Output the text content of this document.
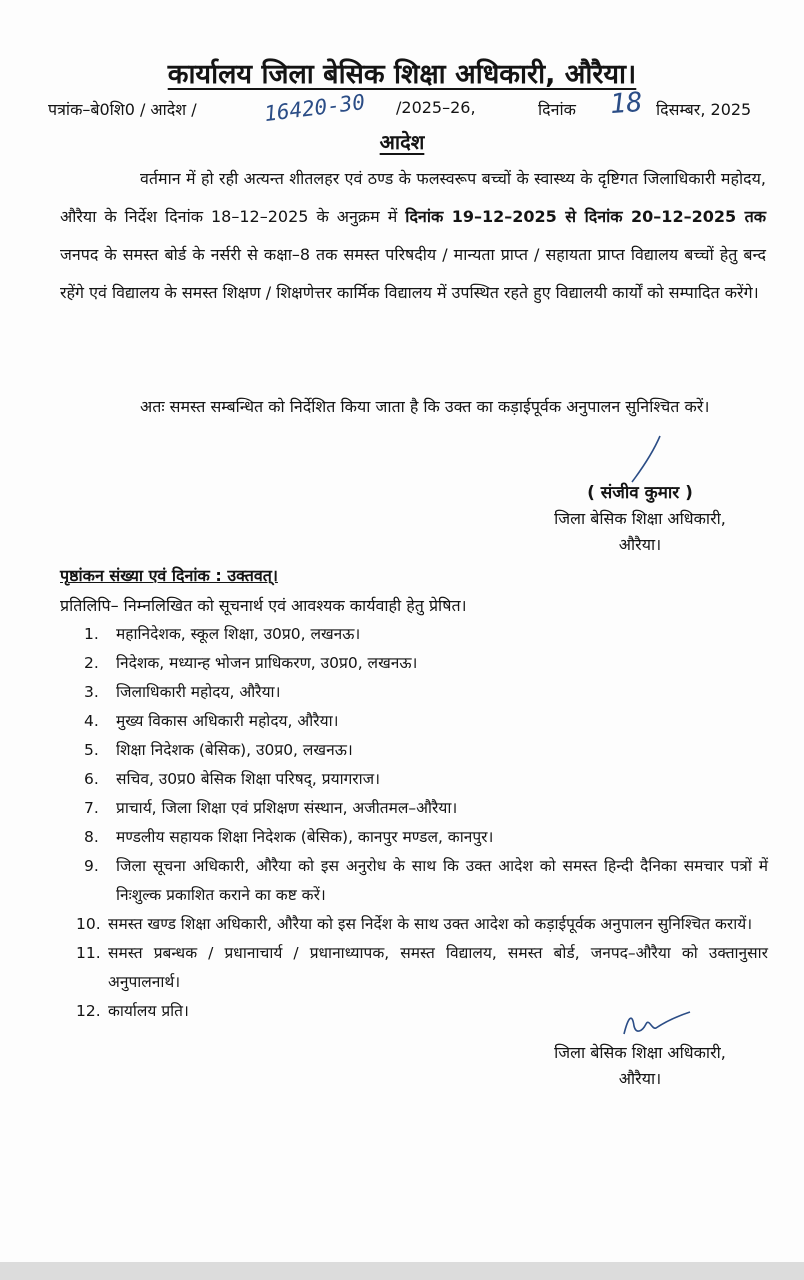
कार्यालय जिला बेसिक शिक्षा अधिकारी, औरैया।
पत्रांक–बे0शि0 / आदेश /	16420-30 /2025–26,	दिनांक 18 दिसम्बर, 2025
आदेश

वर्तमान में हो रही अत्यन्त शीतलहर एवं ठण्ड के फलस्वरूप बच्चों के स्वास्थ्य के दृष्टिगत जिलाधिकारी महोदय, औरैया के निर्देश दिनांक 18–12–2025 के अनुक्रम में दिनांक 19–12–2025 से दिनांक 20–12–2025 तक जनपद के समस्त बोर्ड के नर्सरी से कक्षा–8 तक समस्त परिषदीय / मान्यता प्राप्त / सहायता प्राप्त विद्यालय बच्चों हेतु बन्द रहेंगे एवं विद्यालय के समस्त शिक्षण / शिक्षणेत्तर कार्मिक विद्यालय में उपस्थित रहते हुए विद्यालयी कार्यों को सम्पादित करेंगे।

अतः समस्त सम्बन्धित को निर्देशित किया जाता है कि उक्त का कड़ाईपूर्वक अनुपालन सुनिश्चित करें।

( संजीव कुमार )
जिला बेसिक शिक्षा अधिकारी,
औरैया।
पृष्ठांकन संख्या एवं दिनांक : उक्तवत्।
प्रतिलिपि– निम्नलिखित को सूचनार्थ एवं आवश्यक कार्यवाही हेतु प्रेषित।
1. महानिदेशक, स्कूल शिक्षा, उ0प्र0, लखनऊ।
2. निदेशक, मध्यान्ह भोजन प्राधिकरण, उ0प्र0, लखनऊ।
3. जिलाधिकारी महोदय, औरैया।
4. मुख्य विकास अधिकारी महोदय, औरैया।
5. शिक्षा निदेशक (बेसिक), उ0प्र0, लखनऊ।
6. सचिव, उ0प्र0 बेसिक शिक्षा परिषद्, प्रयागराज।
7. प्राचार्य, जिला शिक्षा एवं प्रशिक्षण संस्थान, अजीतमल–औरैया।
8. मण्डलीय सहायक शिक्षा निदेशक (बेसिक), कानपुर मण्डल, कानपुर।
9. जिला सूचना अधिकारी, औरैया को इस अनुरोध के साथ कि उक्त आदेश को समस्त हिन्दी दैनिका समचार पत्रों में निःशुल्क प्रकाशित कराने का कष्ट करें।
10. समस्त खण्ड शिक्षा अधिकारी, औरैया को इस निर्देश के साथ उक्त आदेश को कड़ाईपूर्वक अनुपालन सुनिश्चित करायें।
11. समस्त प्रबन्धक / प्रधानाचार्य / प्रधानाध्यापक, समस्त विद्यालय, समस्त बोर्ड, जनपद–औरैया को उक्तानुसार अनुपालनार्थ।
12. कार्यालय प्रति।
जिला बेसिक शिक्षा अधिकारी,
औरैया।
